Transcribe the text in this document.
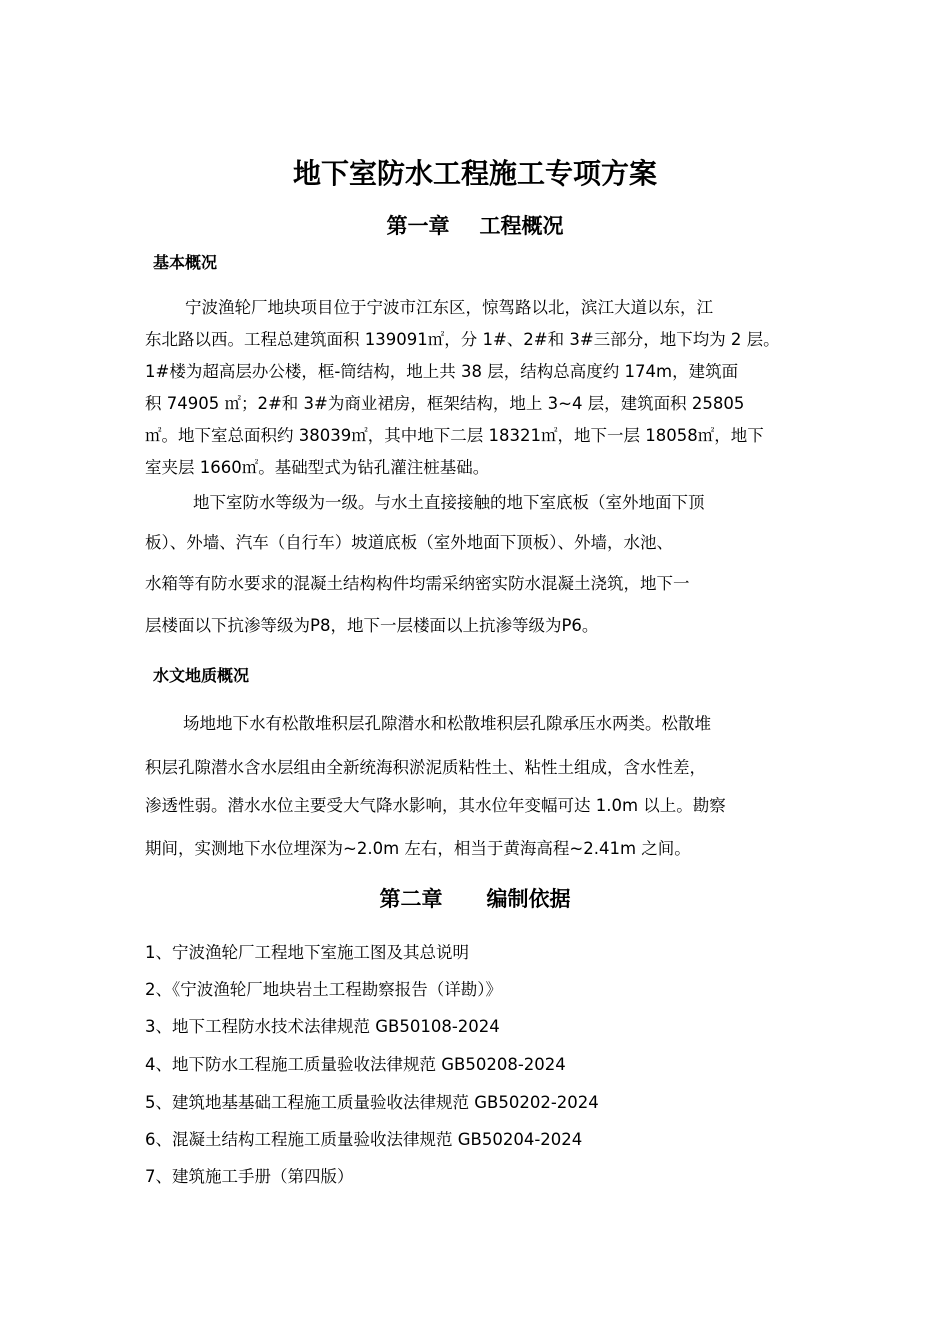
地下室防水工程施工专项方案
第一章 工程概况
基本概况
宁波渔轮厂地块项目位于宁波市江东区，惊驾路以北，滨江大道以东，江
东北路以西。工程总建筑面积 139091㎡，分 1#、2#和 3#三部分，地下均为 2 层。
1#楼为超高层办公楼，框-筒结构，地上共 38 层，结构总高度约 174m，建筑面
积 74905 ㎡；2#和 3#为商业裙房，框架结构，地上 3~4 层，建筑面积 25805
㎡。地下室总面积约 38039㎡，其中地下二层 18321㎡，地下一层 18058㎡，地下
室夹层 1660㎡。基础型式为钻孔灌注桩基础。
地下室防水等级为一级。与水土直接接触的地下室底板（室外地面下顶
板）、外墙、汽车（自行车）坡道底板（室外地面下顶板）、外墙，水池、
水箱等有防水要求的混凝土结构构件均需采纳密实防水混凝土浇筑，地下一
层楼面以下抗渗等级为P8，地下一层楼面以上抗渗等级为P6。
水文地质概况
场地地下水有松散堆积层孔隙潜水和松散堆积层孔隙承压水两类。松散堆
积层孔隙潜水含水层组由全新统海积淤泥质粘性土、粘性土组成，含水性差，
渗透性弱。潜水水位主要受大气降水影响，其水位年变幅可达 1.0m 以上。勘察
期间，实测地下水位埋深为~2.0m 左右，相当于黄海高程~2.41m 之间。
第二章 编制依据
1、宁波渔轮厂工程地下室施工图及其总说明
2、《宁波渔轮厂地块岩土工程勘察报告（详勘）》
3、地下工程防水技术法律规范 GB50108-2024
4、地下防水工程施工质量验收法律规范 GB50208-2024
5、建筑地基基础工程施工质量验收法律规范 GB50202-2024
6、混凝土结构工程施工质量验收法律规范 GB50204-2024
7、建筑施工手册（第四版）
